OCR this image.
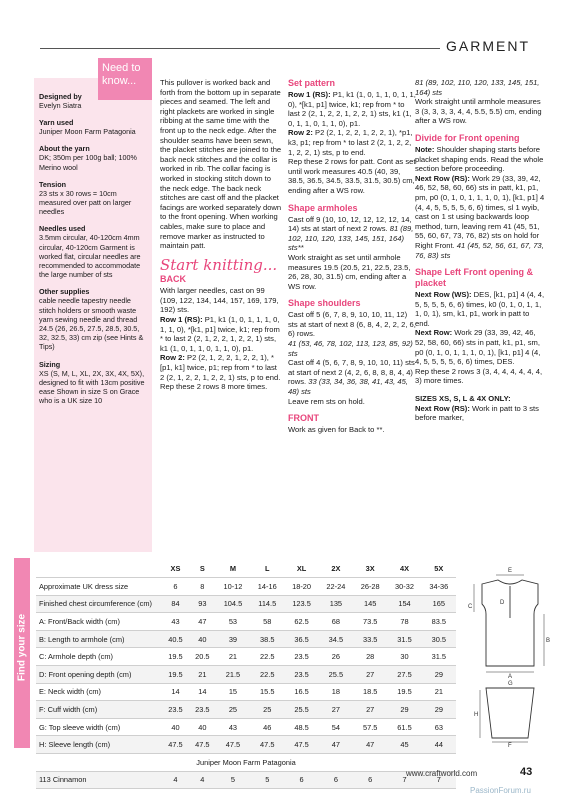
GARMENT
Designed by
Evelyn Siatra
Yarn used
Juniper Moon Farm Patagonia
About the yarn
DK; 350m per 100g ball; 100% Merino wool
Tension
23 sts x 30 rows = 10cm measured over patt on larger needles
Needles used
3.5mm circular, 40-120cm 4mm circular, 40-120cm Garment is worked flat, circular needles are recommended to accommodate the large number of sts
Other supplies
cable needle tapestry needle stitch holders or smooth waste yarn sewing needle and thread 24.5 (26, 26.5, 27.5, 28.5, 30.5, 32, 32.5, 33) cm zip (see Hints & Tips)
Sizing
XS (S, M, L, XL, 2X, 3X, 4X, 5X), designed to fit with 13cm positive ease Shown in size S on Grace who is a UK size 10
Need to know...	This pullover is worked back and forth from the bottom up in separate pieces and seamed. The left and right plackets are worked in single ribbing at the same time with the front up to the neck edge. After the shoulder seams have been sewn, the placket stitches are joined to the back neck stitches and the collar is worked in rib. The collar facing is worked in stocking stitch down to the neck edge. The back neck stitches are cast off and the placket facings are worked separately down to the front opening. When working cables, make sure to place and remove marker as instructed to maintain patt.

Start knitting...
BACK

With larger needles, cast on 99 (109, 122, 134, 144, 157, 169, 179, 192) sts.

Row 1 (RS): P1, k1 (1, 0, 1, 1, 1, 0, 1, 1, 0), *[k1, p1] twice, k1; rep from * to last 2 (2, 1, 2, 2, 1, 2, 2, 1) sts, k1 (1, 0, 1, 1, 0, 1, 1, 0), p1.

Row 2: P2 (2, 1, 2, 2, 1, 2, 2, 1), *[p1, k1] twice, p1; rep from * to last 2 (2, 1, 2, 2, 1, 2, 2, 1) sts, p to end.

Rep these 2 rows 8 more times.

Set pattern

Row 1 (RS): P1, k1 (1, 0, 1, 1, 0, 1, 1, 0), *[k1, p1] twice, k1; rep from * to last 2 (2, 1, 2, 2, 1, 2, 2, 1) sts, k1 (1, 0, 1, 1, 0, 1, 1, 0), p1.

Row 2: P2 (2, 1, 2, 2, 1, 2, 2, 1), *p1, k3, p1; rep from * to last 2 (2, 1, 2, 2, 1, 2, 2, 1) sts, p to end.

Rep these 2 rows for patt. Cont as set until work measures 40.5 (40, 39, 38.5, 36.5, 34.5, 33.5, 31.5, 30.5) cm, ending after a WS row.

Shape armholes

Cast off 9 (10, 10, 12, 12, 12, 12, 14, 14) sts at start of next 2 rows. 81 (89, 102, 110, 120, 133, 145, 151, 164) sts**

Work straight as set until armhole measures 19.5 (20.5, 21, 22.5, 23.5, 26, 28, 30, 31.5) cm, ending after a WS row.

Shape shoulders

Cast off 5 (6, 7, 8, 9, 10, 10, 11, 12) sts at start of next 8 (6, 8, 4, 2, 2, 2, 6, 6) rows.

41 (53, 46, 78, 102, 113, 123, 85, 92) sts

Cast off 4 (5, 6, 7, 8, 9, 10, 10, 11) sts at start of next 2 (4, 2, 6, 8, 8, 8, 4, 4) rows. 33 (33, 34, 36, 38, 41, 43, 45, 48) sts

Leave rem sts on hold.

FRONT

Work as given for Back to **.

81 (89, 102, 110, 120, 133, 145, 151, 164) sts

Work straight until armhole measures 3 (3, 3, 3, 3, 4, 4, 5.5, 5.5) cm, ending after a WS row.

Divide for Front opening

Note: Shoulder shaping starts before placket shaping ends. Read the whole section before proceeding.

Next Row (RS): Work 29 (33, 39, 42, 46, 52, 58, 60, 66) sts in patt, k1, p1, pm, p0 (0, 1, 0, 1, 1, 1, 0, 1), [k1, p1] 4 (4, 4, 5, 5, 5, 5, 6, 6) times, sl 1 wyib, cast on 1 st using backwards loop method, turn, leaving rem 41 (45, 51, 55, 60, 67, 73, 76, 82) sts on hold for Right Front. 41 (45, 52, 56, 61, 67, 73, 76, 83) sts

Shape Left Front opening & placket

Next Row (WS): DES, [k1, p1] 4 (4, 4, 5, 5, 5, 5, 6, 6) times, k0 (0, 1, 0, 1, 1, 1, 0, 1), sm, k1, p1, work in patt to end.

Next Row: Work 29 (33, 39, 42, 46, 52, 58, 60, 66) sts in patt, k1, p1, sm, p0 (0, 1, 0, 1, 1, 1, 0, 1), [k1, p1] 4 (4, 4, 5, 5, 5, 5, 6, 6) times, DES.

Rep these 2 rows 3 (3, 4, 4, 4, 4, 4, 4, 3) more times.

SIZES XS, S, L & 4X ONLY:

Next Row (RS): Work in patt to 3 sts before marker,

Find your size
	XS	S	M	L	XL	2X	3X	4X	5X
Approximate UK dress size	6	8	10-12	14-16	18-20	22-24	26-28	30-32	34-36
Finished chest circumference (cm)	84	93	104.5	114.5	123.5	135	145	154	165
A: Front/Back width (cm)	43	47	53	58	62.5	68	73.5	78	83.5
B: Length to armhole (cm)	40.5	40	39	38.5	36.5	34.5	33.5	31.5	30.5
C: Armhole depth (cm)	19.5	20.5	21	22.5	23.5	26	28	30	31.5
D: Front opening depth (cm)	19.5	21	21.5	22.5	23.5	25.5	27	27.5	29
E: Neck width (cm)	14	14	15	15.5	16.5	18	18.5	19.5	21
F: Cuff width (cm)	23.5	23.5	25	25	25.5	27	27	29	29
G: Top sleeve width (cm)	40	40	43	46	48.5	54	57.5	61.5	63
H: Sleeve length (cm)	47.5	47.5	47.5	47.5	47.5	47	47	45	44
Juniper Moon Farm Patagonia									
113 Cinnamon	4	4	5	5	6	6	6	7	7
E
C
D
B
A
G
H
F
www.craftworld.com	43
PassionForum.ru
